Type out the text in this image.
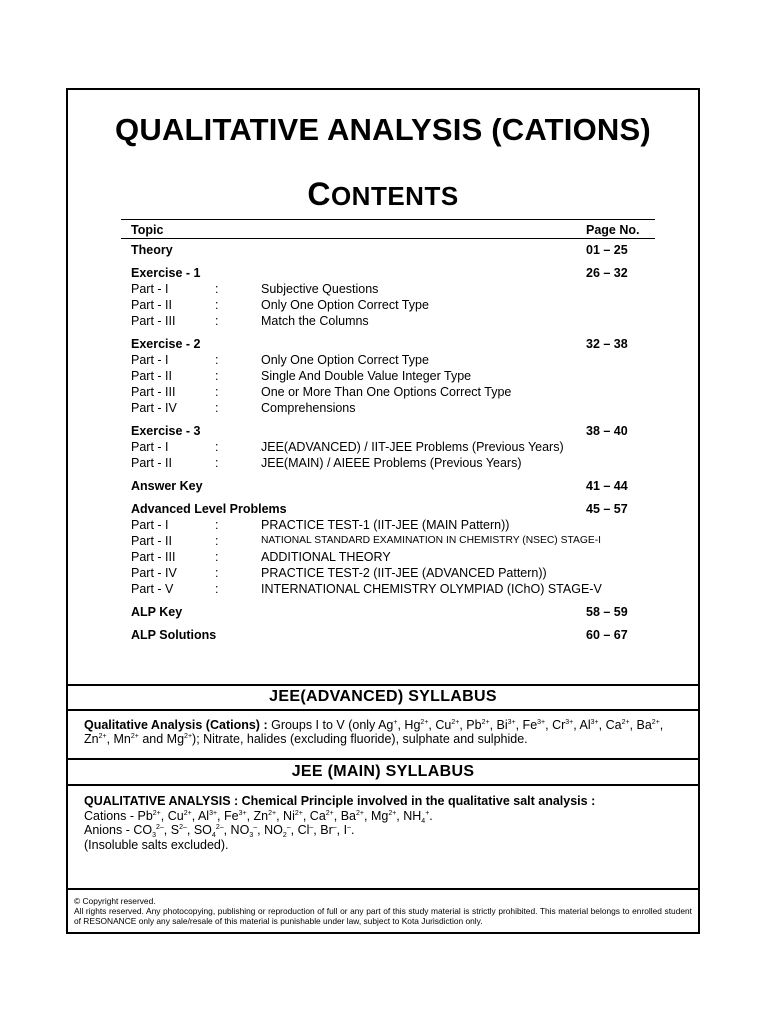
QUALITATIVE ANALYSIS (CATIONS)
CONTENTS
Topic	Page No.
Theory	01 – 25
Exercise - 1	26 – 32
Part - I	:	Subjective Questions
Part - II	:	Only One Option Correct Type
Part - III	:	Match the Columns
Exercise - 2	32 – 38
Part - I	:	Only One Option Correct Type
Part - II	:	Single And Double Value Integer Type
Part - III	:	One or More Than One Options Correct Type
Part - IV	:	Comprehensions
Exercise - 3	38 – 40
Part - I	:	JEE(ADVANCED) / IIT-JEE Problems (Previous Years)
Part - II	:	JEE(MAIN) / AIEEE Problems (Previous Years)
Answer Key	41 – 44
Advanced Level Problems	45 – 57
Part - I	:	PRACTICE TEST-1 (IIT-JEE (MAIN Pattern))
Part - II	:	NATIONAL STANDARD EXAMINATION IN CHEMISTRY (NSEC) STAGE-I
Part - III	:	ADDITIONAL THEORY
Part - IV	:	PRACTICE TEST-2 (IIT-JEE (ADVANCED Pattern))
Part - V	:	INTERNATIONAL CHEMISTRY OLYMPIAD (IChO) STAGE-V
ALP Key	58 – 59
ALP Solutions	60 – 67
JEE(ADVANCED) SYLLABUS
Qualitative Analysis (Cations) : Groups I to V (only Ag+, $Hg^{2+}$, $Cu^{2+}$, $Pb^{2+}$, $Bi^{3+}$, $Fe^{3+}$, $Cr^{3+}$, $Al^{3+}$, $Ca^{2+}$, $Ba^{2+}$,
$Zn^{2+}$, $Mn^{2+}$ and $Mg^{2+}$); Nitrate, halides (excluding fluoride), sulphate and sulphide.
JEE (MAIN) SYLLABUS
QUALITATIVE ANALYSIS : Chemical Principle involved in the qualitative salt analysis :
Cations - $Pb^{2+}$, $Cu^{2+}$, $Al^{3+}$, $Fe^{3+}$, $Zn^{2+}$, $Ni^{2+}$, $Ca^{2+}$, $Ba^{2+}$, $Mg^{2+}$, $NH_4^+$.
Anions - $CO_3^{2-}$, $S^{2-}$, $SO_4^{2-}$, $NO_3^-$, $NO_2^-$, Cl–, Br–, I–.
(Insoluble salts excluded).
© Copyright reserved.
All rights reserved. Any photocopying, publishing or reproduction of full or any part of this study material is strictly prohibited. This material belongs to enrolled student of RESONANCE only any sale/resale of this material is punishable under law, subject to Kota Jurisdiction only.
